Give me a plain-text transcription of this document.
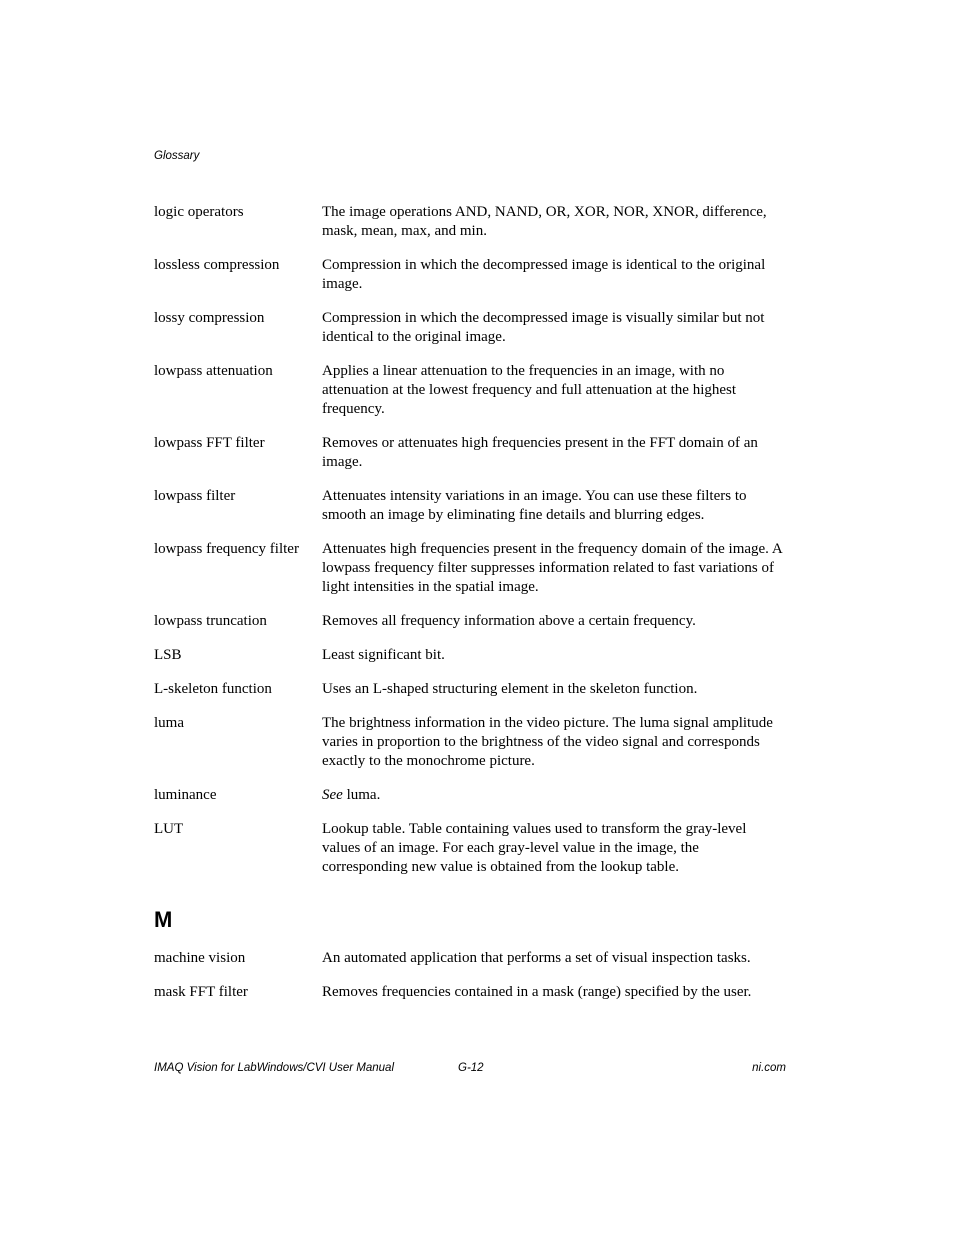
Glossary
logic operators	The image operations AND, NAND, OR, XOR, NOR, XNOR, difference, mask, mean, max, and min.
lossless compression	Compression in which the decompressed image is identical to the original image.
lossy compression	Compression in which the decompressed image is visually similar but not identical to the original image.
lowpass attenuation	Applies a linear attenuation to the frequencies in an image, with no attenuation at the lowest frequency and full attenuation at the highest frequency.
lowpass FFT filter	Removes or attenuates high frequencies present in the FFT domain of an image.
lowpass filter	Attenuates intensity variations in an image. You can use these filters to smooth an image by eliminating fine details and blurring edges.
lowpass frequency filter	Attenuates high frequencies present in the frequency domain of the image. A lowpass frequency filter suppresses information related to fast variations of light intensities in the spatial image.
lowpass truncation	Removes all frequency information above a certain frequency.
LSB	Least significant bit.
L-skeleton function	Uses an L-shaped structuring element in the skeleton function.
luma	The brightness information in the video picture. The luma signal amplitude varies in proportion to the brightness of the video signal and corresponds exactly to the monochrome picture.
luminance	See luma.
LUT	Lookup table. Table containing values used to transform the gray-level values of an image. For each gray-level value in the image, the corresponding new value is obtained from the lookup table.
M
machine vision	An automated application that performs a set of visual inspection tasks.
mask FFT filter	Removes frequencies contained in a mask (range) specified by the user.
IMAQ Vision for LabWindows/CVI User Manual	G-12	ni.com
